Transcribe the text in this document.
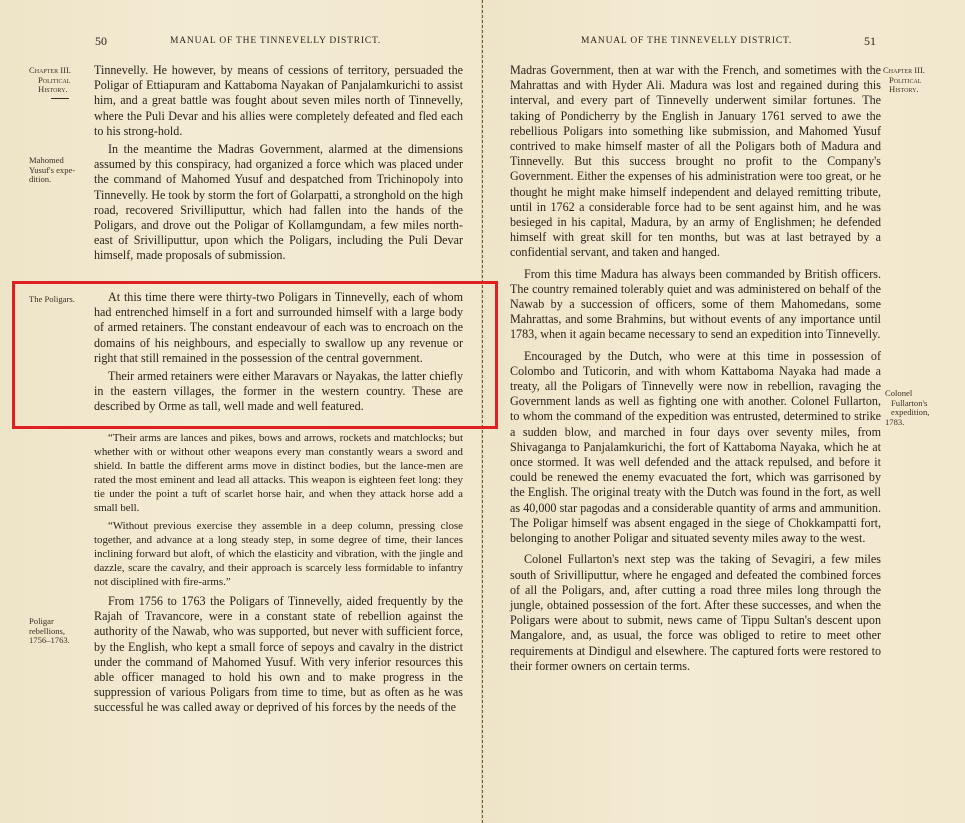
50	MANUAL OF THE TINNEVELLY DISTRICT.
Chapter III.
Political
History.
Mahomed
Yusuf's expe-
dition.
The Poligars.
Poligar
rebellions,
1756–1763.

Tinnevelly. He however, by means of cessions of territory, persuaded the Poligar of Ettiapuram and Kattaboma Nayakan of Panjalamkurichi to assist him, and a great battle was fought about seven miles north of Tinnevelly, where the Puli Devar and his allies were completely defeated and fled each to his strong-hold.

In the meantime the Madras Government, alarmed at the dimensions assumed by this conspiracy, had organized a force which was placed under the command of Mahomed Yusuf and despatched from Trichinopoly into Tinnevelly. He took by storm the fort of Golarpatti, a stronghold on the high road, recovered Srivilliputtur, which had fallen into the hands of the Poligars, and drove out the Poligar of Kollamgundam, a few miles north-east of Srivilliputtur, upon which the Poligars, including the Puli Devar himself, made proposals of submission.

At this time there were thirty-two Poligars in Tinnevelly, each of whom had entrenched himself in a fort and surrounded himself with a large body of armed retainers. The constant endeavour of each was to encroach on the domains of his neighbours, and especially to swallow up any revenue or right that still remained in the possession of the central government.

Their armed retainers were either Maravars or Nayakas, the latter chiefly in the eastern villages, the former in the western country. These are described by Orme as tall, well made and well featured.

“Their arms are lances and pikes, bows and arrows, rockets and matchlocks; but whether with or without other weapons every man constantly wears a sword and shield. In battle the different arms move in distinct bodies, but the lance-men are rated the most eminent and lead all attacks. This weapon is eighteen feet long: they tie under the point a tuft of scarlet horse hair, and when they attack horse add a small bell.

“Without previous exercise they assemble in a deep column, pressing close together, and advance at a long steady step, in some degree of time, their lances inclining forward but aloft, of which the elasticity and vibration, with the jingle and dazzle, scare the cavalry, and their approach is scarcely less formidable to infantry not disciplined with fire-arms.”

From 1756 to 1763 the Poligars of Tinnevelly, aided frequently by the Rajah of Travancore, were in a constant state of rebellion against the authority of the Nawab, who was supported, but never with sufficient force, by the English, who kept a small force of sepoys and cavalry in the district under the command of Mahomed Yusuf. With very inferior resources this able officer managed to hold his own and to make progress in the suppression of various Poligars from time to time, but as often as he was successful he was called away or deprived of his forces by the needs of the

MANUAL OF THE TINNEVELLY DISTRICT.	51
Chapter III.
Political
History.
Colonel
Fullarton's
expedition,
1783.

Madras Government, then at war with the French, and sometimes with the Mahrattas and with Hyder Ali. Madura was lost and regained during this interval, and every part of Tinnevelly underwent similar fortunes. The taking of Pondicherry by the English in January 1761 served to awe the rebellious Poligars into something like submission, and Mahomed Yusuf contrived to make himself master of all the Poligars both of Madura and Tinnevelly. But this success brought no profit to the Company's Government. Either the expenses of his administration were too great, or he thought he might make himself independent and delayed remitting tribute, until in 1762 a considerable force had to be sent against him, and he was besieged in his capital, Madura, by an army of Englishmen; he defended himself with great skill for ten months, but was at last betrayed by a confidential servant, and taken and hanged.

From this time Madura has always been commanded by British officers. The country remained tolerably quiet and was administered on behalf of the Nawab by a succession of officers, some of them Mahomedans, some Mahrattas, and some Brahmins, but without events of any importance until 1783, when it again became necessary to send an expedition into Tinnevelly.

Encouraged by the Dutch, who were at this time in possession of Colombo and Tuticorin, and with whom Kattaboma Nayaka had made a treaty, all the Poligars of Tinnevelly were now in rebellion, ravaging the Government lands as well as fighting one with another. Colonel Fullarton, to whom the command of the expedition was entrusted, determined to strike a sudden blow, and marched in four days over seventy miles, from Shivaganga to Panjalamkurichi, the fort of Kattaboma Nayaka, which he at once stormed. It was well defended and the attack repulsed, and before it could be renewed the enemy evacuated the fort, which was garrisoned by the English. The original treaty with the Dutch was found in the fort, as well as 40,000 star pagodas and a considerable quantity of arms and ammunition. The Poligar himself was absent engaged in the siege of Chokkampatti fort, belonging to another Poligar and situated seventy miles away to the west.

Colonel Fullarton's next step was the taking of Sevagiri, a few miles south of Srivilliputtur, where he engaged and defeated the combined forces of all the Poligars, and, after cutting a road three miles long through the jungle, obtained possession of the fort. After these successes, and when the Poligars were about to submit, news came of Tippu Sultan's descent upon Mangalore, and, as usual, the force was obliged to retire to meet other requirements at Dindigul and elsewhere. The captured forts were restored to their former owners on certain terms.
